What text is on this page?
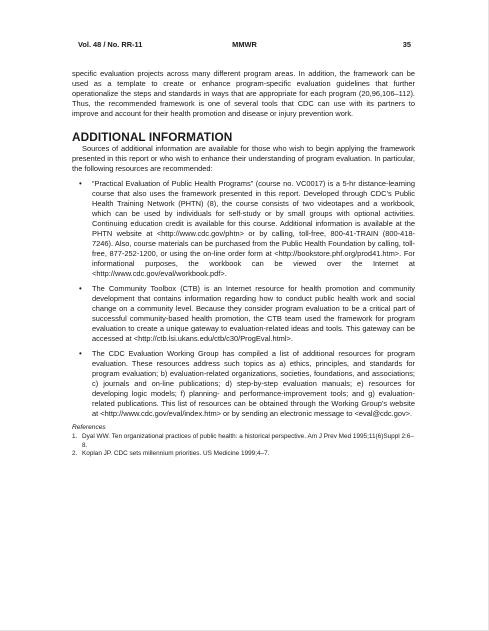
Vol. 48 / No. RR-11	MMWR	35

specific evaluation projects across many different program areas. In addition, the framework can be used as a template to create or enhance program-specific evaluation guidelines that further operationalize the steps and standards in ways that are appropriate for each program (20,96,106–112). Thus, the recommended framework is one of several tools that CDC can use with its partners to improve and account for their health promotion and disease or injury prevention work.

ADDITIONAL INFORMATION

Sources of additional information are available for those who wish to begin applying the framework presented in this report or who wish to enhance their understanding of program evaluation. In particular, the following resources are recommended:

• “Practical Evaluation of Public Health Programs” (course no. VC0017) is a 5-hr distance-learning course that also uses the framework presented in this report. Developed through CDC’s Public Health Training Network (PHTN) (8), the course consists of two videotapes and a workbook, which can be used by individuals for self-study or by small groups with optional activities. Continuing education credit is available for this course. Additional information is available at the PHTN website at <http://www.cdc.gov/phtn> or by calling, toll-free, 800-41-TRAIN (800-418-7246). Also, course materials can be purchased from the Public Health Foundation by calling, toll-free, 877-252-1200, or using the on-line order form at <http://bookstore.phf.org/prod41.htm>. For informational purposes, the workbook can be viewed over the Internet at <http://www.cdc.gov/eval/workbook.pdf>.
• The Community Toolbox (CTB) is an Internet resource for health promotion and community development that contains information regarding how to conduct public health work and social change on a community level. Because they consider program evaluation to be a critical part of successful community-based health promotion, the CTB team used the framework for program evaluation to create a unique gateway to evaluation-related ideas and tools. This gateway can be accessed at <http://ctb.lsi.ukans.edu/ctb/c30/ProgEval.html>.
• The CDC Evaluation Working Group has compiled a list of additional resources for program evaluation. These resources address such topics as a) ethics, principles, and standards for program evaluation; b) evaluation-related organizations, societies, foundations, and associations; c) journals and on-line publications; d) step-by-step evaluation manuals; e) resources for developing logic models; f) planning- and performance-improvement tools; and g) evaluation-related publications. This list of resources can be obtained through the Working Group’s website at <http://www.cdc.gov/eval/index.htm> or by sending an electronic message to <eval@cdc.gov>.
References
1. Dyal WW. Ten organizational practices of public health: a historical perspective. Am J Prev Med 1995;11(6)Suppl 2:6–8.
2. Koplan JP. CDC sets millennium priorities. US Medicine 1999;4–7.
